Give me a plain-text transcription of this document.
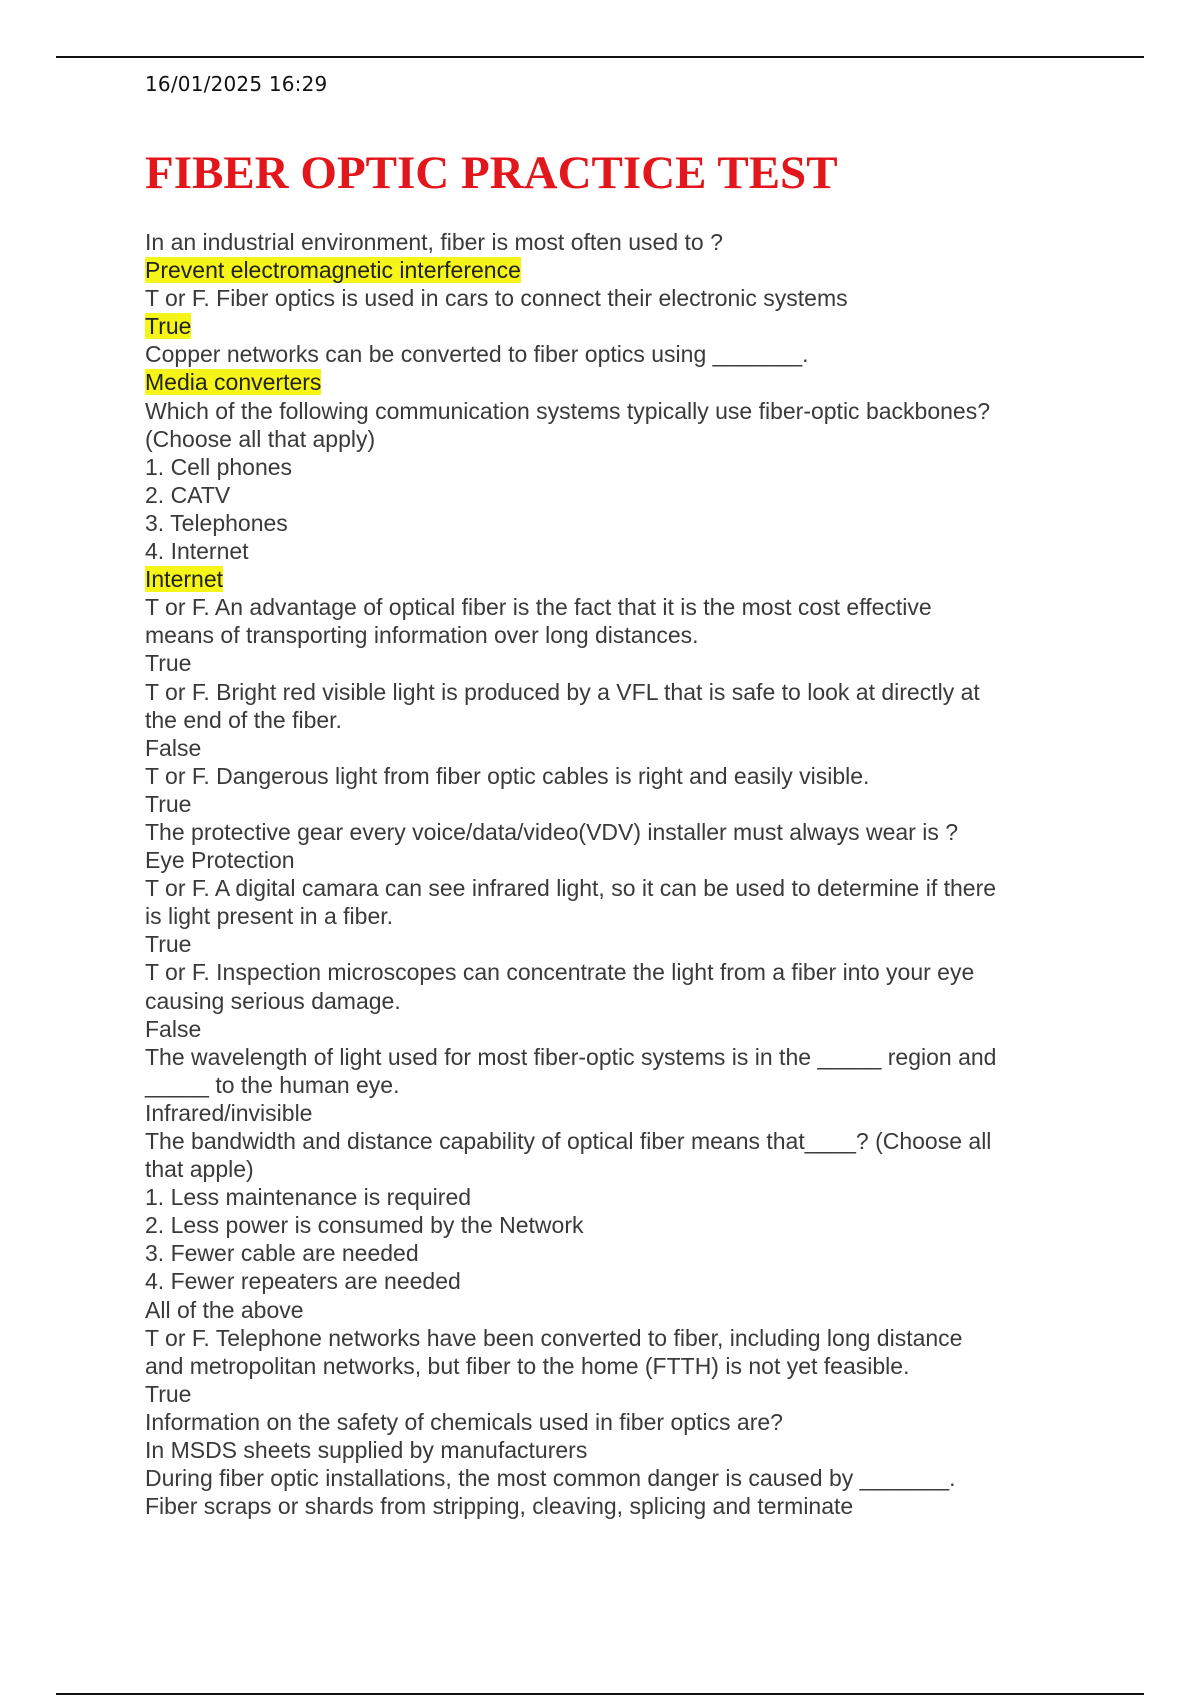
16/01/2025 16:29
FIBER OPTIC PRACTICE TEST
In an industrial environment, fiber is most often used to ?
Prevent electromagnetic interference
T or F. Fiber optics is used in cars to connect their electronic systems
True
Copper networks can be converted to fiber optics using _______.
Media converters
Which of the following communication systems typically use fiber-optic backbones?
(Choose all that apply)
1. Cell phones
2. CATV
3. Telephones
4. Internet
Internet
T or F. An advantage of optical fiber is the fact that it is the most cost effective
means of transporting information over long distances.
True
T or F. Bright red visible light is produced by a VFL that is safe to look at directly at
the end of the fiber.
False
T or F. Dangerous light from fiber optic cables is right and easily visible.
True
The protective gear every voice/data/video(VDV) installer must always wear is ?
Eye Protection
T or F. A digital camara can see infrared light, so it can be used to determine if there
is light present in a fiber.
True
T or F. Inspection microscopes can concentrate the light from a fiber into your eye
causing serious damage.
False
The wavelength of light used for most fiber-optic systems is in the _____ region and
_____ to the human eye.
Infrared/invisible
The bandwidth and distance capability of optical fiber means that____? (Choose all
that apple)
1. Less maintenance is required
2. Less power is consumed by the Network
3. Fewer cable are needed
4. Fewer repeaters are needed
All of the above
T or F. Telephone networks have been converted to fiber, including long distance
and metropolitan networks, but fiber to the home (FTTH) is not yet feasible.
True
Information on the safety of chemicals used in fiber optics are?
In MSDS sheets supplied by manufacturers
During fiber optic installations, the most common danger is caused by _______.
Fiber scraps or shards from stripping, cleaving, splicing and terminate
